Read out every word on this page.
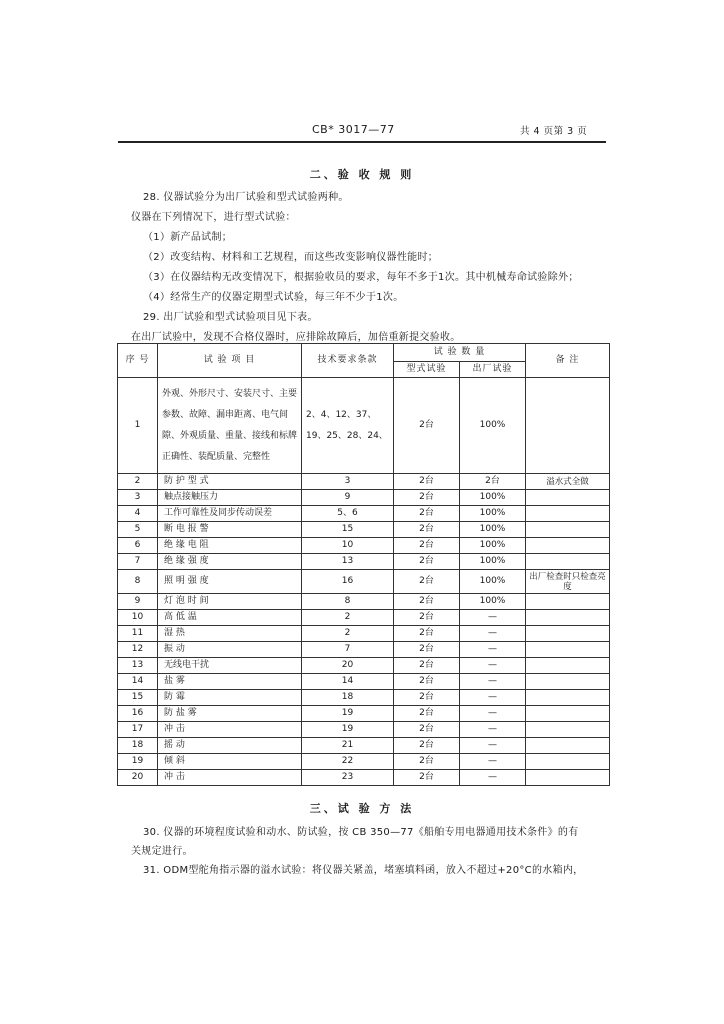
CB* 3017—77	共 4 页第 3 页
二、验 收 规 则
28. 仪器试验分为出厂试验和型式试验两种。
仪器在下列情况下，进行型式试验：
（1）新产品试制；
（2）改变结构、材料和工艺规程，而这些改变影响仪器性能时；
（3）在仪器结构无改变情况下，根据验收员的要求，每年不多于1次。其中机械寿命试验除外；
（4）经常生产的仪器定期型式试验，每三年不少于1次。
29. 出厂试验和型式试验项目见下表。
在出厂试验中，发现不合格仪器时，应排除故障后，加倍重新提交验收。
序 号	试 验 项 目	技术要求条款	试 验 数 量		备 注
			型式试验	出厂试验	
1	外观、外形尺寸、安装尺寸、主要参数、故障、漏串距离、电气间隙、外观质量、重量、接线和标牌正确性、装配质量、完整性	2、4、12、37、19、25、28、24、	2台	100%	
2	防 护 型 式	3	2台	2台	溢水式全做
3	触点接触压力	9	2台	100%	
4	工作可靠性及同步传动误差	5、6	2台	100%	
5	断 电 报 警	15	2台	100%	
6	绝 缘 电 阻	10	2台	100%	
7	绝 缘 强 度	13	2台	100%	
8	照 明 强 度	16	2台	100%	出厂检查时只检查亮度
9	灯 泡 时 间	8	2台	100%	
10	高 低 温	2	2台	—	
11	湿 热	2	2台	—	
12	振 动	7	2台	—	
13	无线电干扰	20	2台	—	
14	盐 雾	14	2台	—	
15	防 霉	18	2台	—	
16	防 盐 雾	19	2台	—	
17	冲 击	19	2台	—	
18	摇 动	21	2台	—	
19	倾 斜	22	2台	—	
20	冲 击	23	2台	—	
三、试 验 方 法
30. 仪器的环境程度试验和动水、防试验，按 CB 350—77《船舶专用电器通用技术条件》的有
关规定进行。
31. ODM型舵角指示器的溢水试验：将仪器关紧盖，堵塞填料函，放入不超过+20°C的水箱内，
